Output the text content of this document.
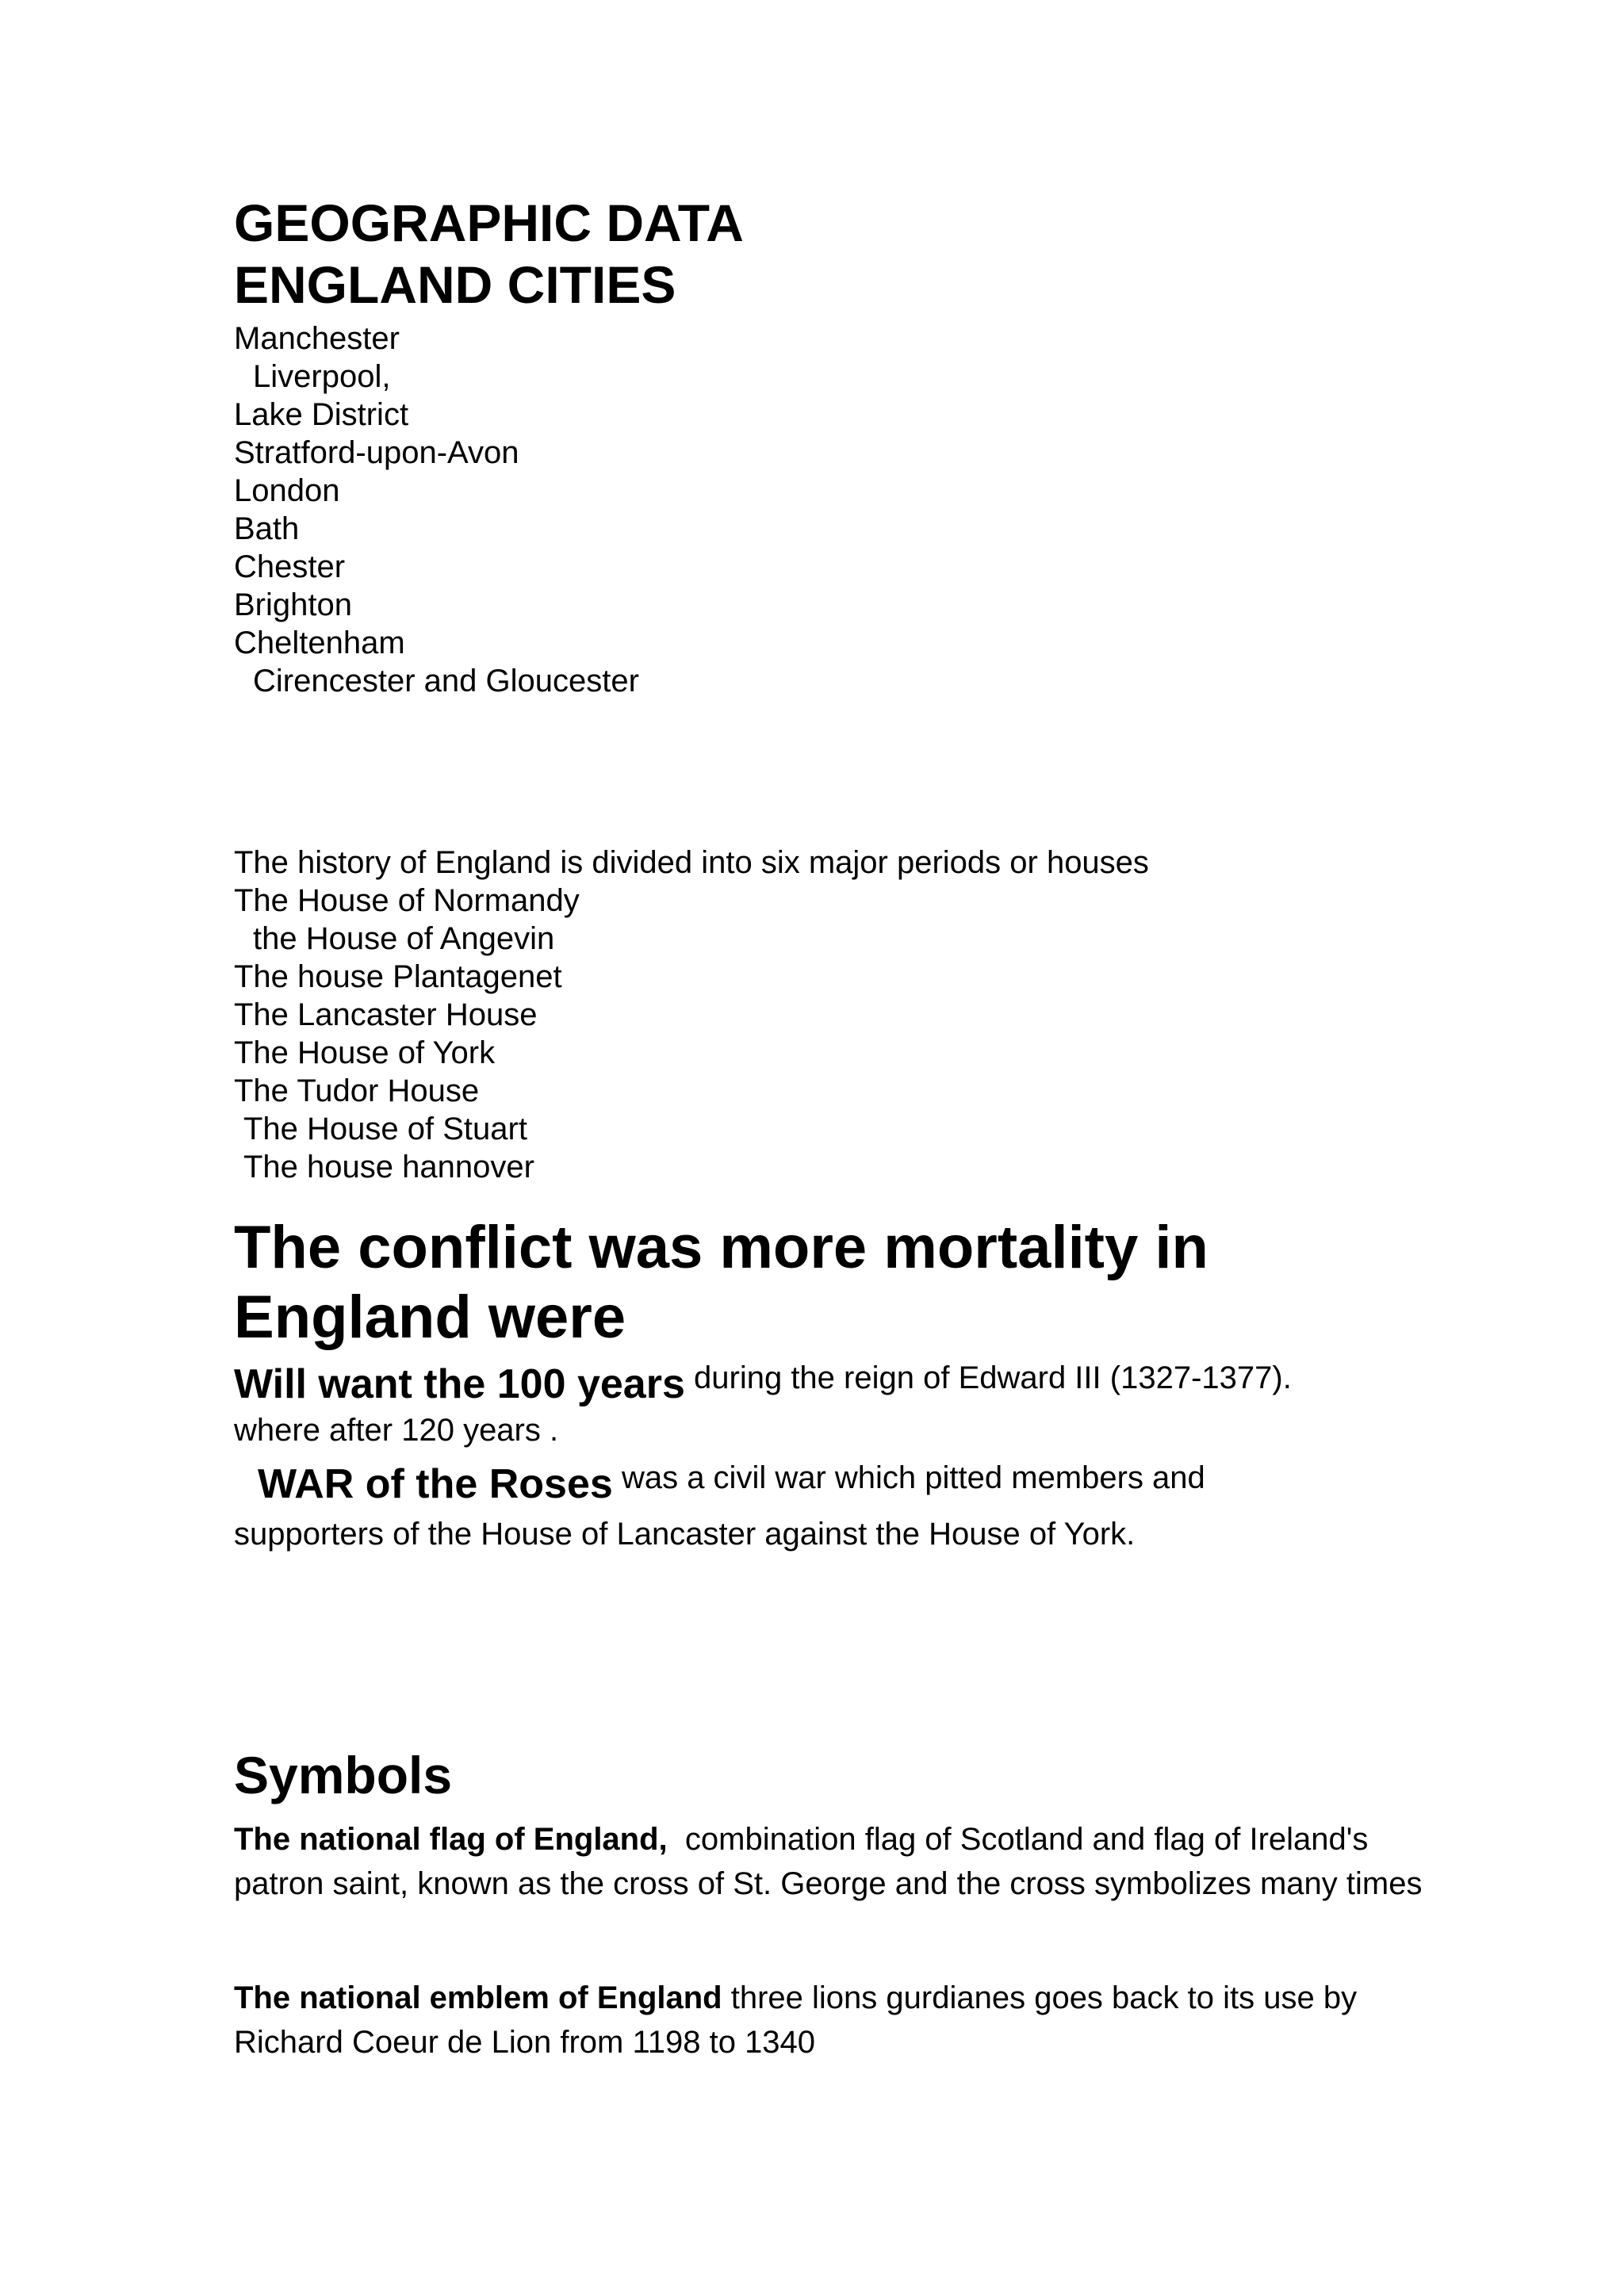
GEOGRAPHIC DATA
ENGLAND CITIES
Manchester
Liverpool,
Lake District
Stratford-upon-Avon
London
Bath
Chester
Brighton
Cheltenham
Cirencester and Gloucester
The history of England is divided into six major periods or houses
The House of Normandy
the House of Angevin
The house Plantagenet
The Lancaster House
The House of York
The Tudor House
The House of Stuart
The house hannover
The conflict was more mortality in
England were
Will want the 100 years during the reign of Edward III (1327-1377).
where after 120 years .
WAR of the Roses was a civil war which pitted members and
supporters of the House of Lancaster against the House of York.
Symbols

The national flag of England, combination flag of Scotland and flag of Ireland's patron saint, known as the cross of St. George and the cross symbolizes many times

The national emblem of England three lions gurdianes goes back to its use by Richard Coeur de Lion from 1198 to 1340
